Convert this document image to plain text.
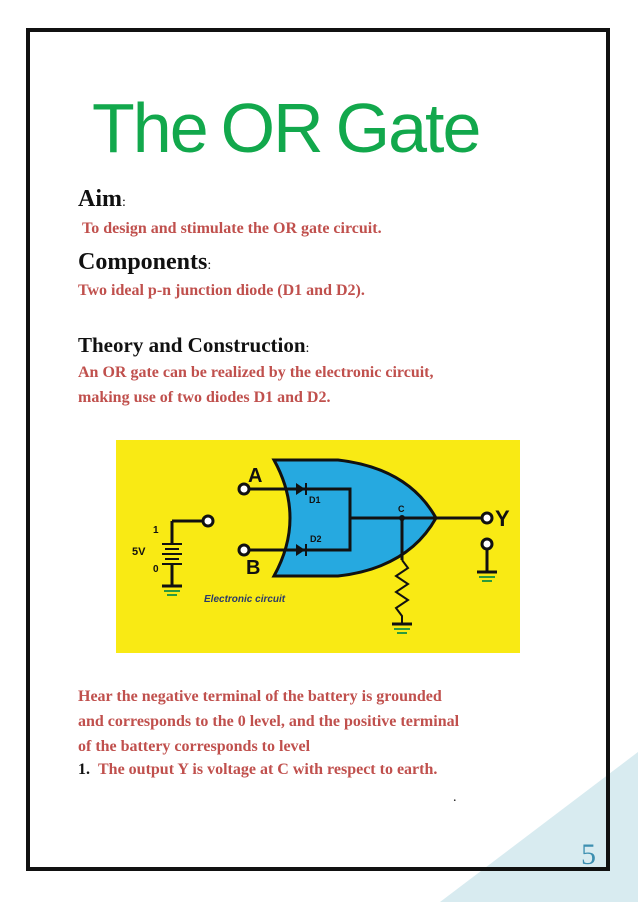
The OR Gate
Aim:
To design and stimulate the OR gate circuit.
Components:
Two ideal p-n junction diode (D1 and D2).
Theory and Construction:
An OR gate can be realized by the electronic circuit,
making use of two diodes D1 and D2.
A
B
Y
D1
D2
C
1
5V
0
Electronic circuit
Hear the negative terminal of the battery is grounded
and corresponds to the 0 level, and the positive terminal
of the battery corresponds to level
1. The output Y is voltage at C with respect to earth.
.
5
